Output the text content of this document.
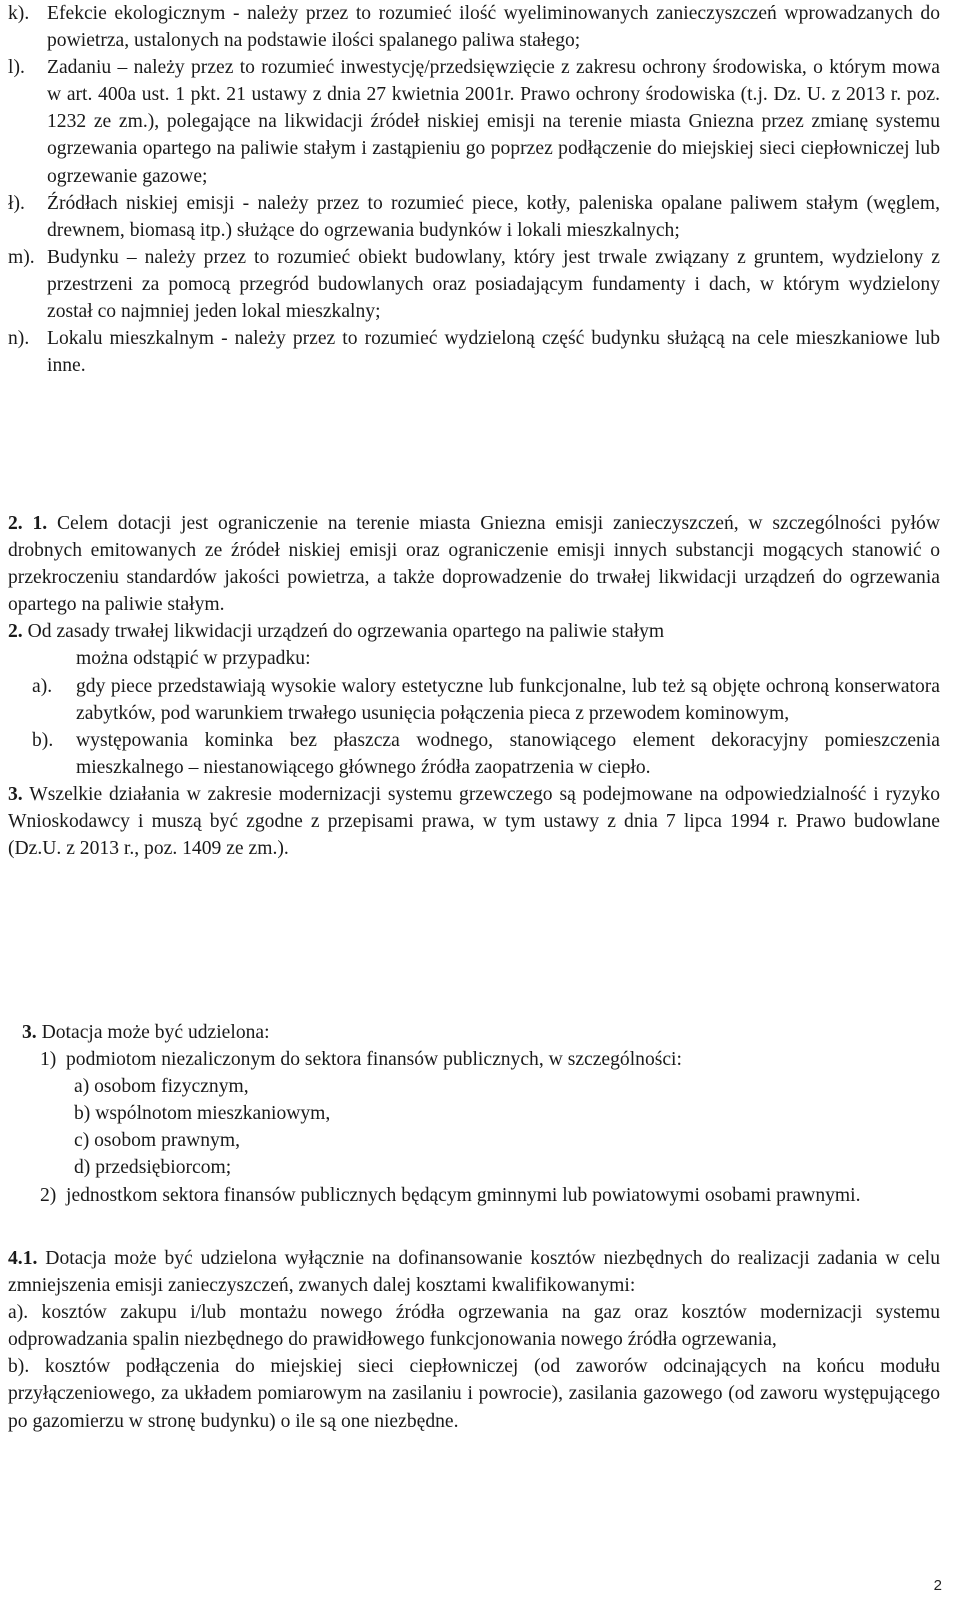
k). Efekcie ekologicznym - należy przez to rozumieć ilość wyeliminowanych zanieczyszczeń wprowadzanych do powietrza, ustalonych na podstawie ilości spalanego paliwa stałego;
l). Zadaniu – należy przez to rozumieć inwestycję/przedsięwzięcie z zakresu ochrony środowiska, o którym mowa w art. 400a ust. 1 pkt. 21 ustawy z dnia 27 kwietnia 2001r. Prawo ochrony środowiska (t.j. Dz. U. z 2013 r. poz. 1232 ze zm.), polegające na likwidacji źródeł niskiej emisji na terenie miasta Gniezna przez zmianę systemu ogrzewania opartego na paliwie stałym i zastąpieniu go poprzez podłączenie do miejskiej sieci ciepłowniczej lub ogrzewanie gazowe;
ł). Źródłach niskiej emisji - należy przez to rozumieć piece, kotły, paleniska opalane paliwem stałym (węglem, drewnem, biomasą itp.) służące do ogrzewania budynków i lokali mieszkalnych;
m). Budynku – należy przez to rozumieć obiekt budowlany, który jest trwale związany z gruntem, wydzielony z przestrzeni za pomocą przegród budowlanych oraz posiadającym fundamenty i dach, w którym wydzielony został co najmniej jeden lokal mieszkalny;
n). Lokalu mieszkalnym - należy przez to rozumieć wydzieloną część budynku służącą na cele mieszkaniowe lub inne.

2. 1. Celem dotacji jest ograniczenie na terenie miasta Gniezna emisji zanieczyszczeń, w szczególności pyłów drobnych emitowanych ze źródeł niskiej emisji oraz ograniczenie emisji innych substancji mogących stanowić o przekroczeniu standardów jakości powietrza, a także doprowadzenie do trwałej likwidacji urządzeń do ogrzewania opartego na paliwie stałym.

2. Od zasady trwałej likwidacji urządzeń do ogrzewania opartego na paliwie stałym

można odstąpić w przypadku:

a). gdy piece przedstawiają wysokie walory estetyczne lub funkcjonalne, lub też są objęte ochroną konserwatora zabytków, pod warunkiem trwałego usunięcia połączenia pieca z przewodem kominowym,
b). występowania kominka bez płaszcza wodnego, stanowiącego element dekoracyjny pomieszczenia mieszkalnego – niestanowiącego głównego źródła zaopatrzenia w ciepło.

3. Wszelkie działania w zakresie modernizacji systemu grzewczego są podejmowane na odpowiedzialność i ryzyko Wnioskodawcy i muszą być zgodne z przepisami prawa, w tym ustawy z dnia 7 lipca 1994 r. Prawo budowlane (Dz.U. z 2013 r., poz. 1409 ze zm.).

3. Dotacja może być udzielona:

1) podmiotom niezaliczonym do sektora finansów publicznych, w szczególności:

a) osobom fizycznym,

b) wspólnotom mieszkaniowym,

c) osobom prawnym,

d) przedsiębiorcom;

2) jednostkom sektora finansów publicznych będącym gminnymi lub powiatowymi osobami prawnymi.

4.1. Dotacja może być udzielona wyłącznie na dofinansowanie kosztów niezbędnych do realizacji zadania w celu zmniejszenia emisji zanieczyszczeń, zwanych dalej kosztami kwalifikowanymi:

a). kosztów zakupu i/lub montażu nowego źródła ogrzewania na gaz oraz kosztów modernizacji systemu odprowadzania spalin niezbędnego do prawidłowego funkcjonowania nowego źródła ogrzewania,

b). kosztów podłączenia do miejskiej sieci ciepłowniczej (od zaworów odcinających na końcu modułu przyłączeniowego, za układem pomiarowym na zasilaniu i powrocie), zasilania gazowego (od zaworu występującego po gazomierzu w stronę budynku) o ile są one niezbędne.

2
